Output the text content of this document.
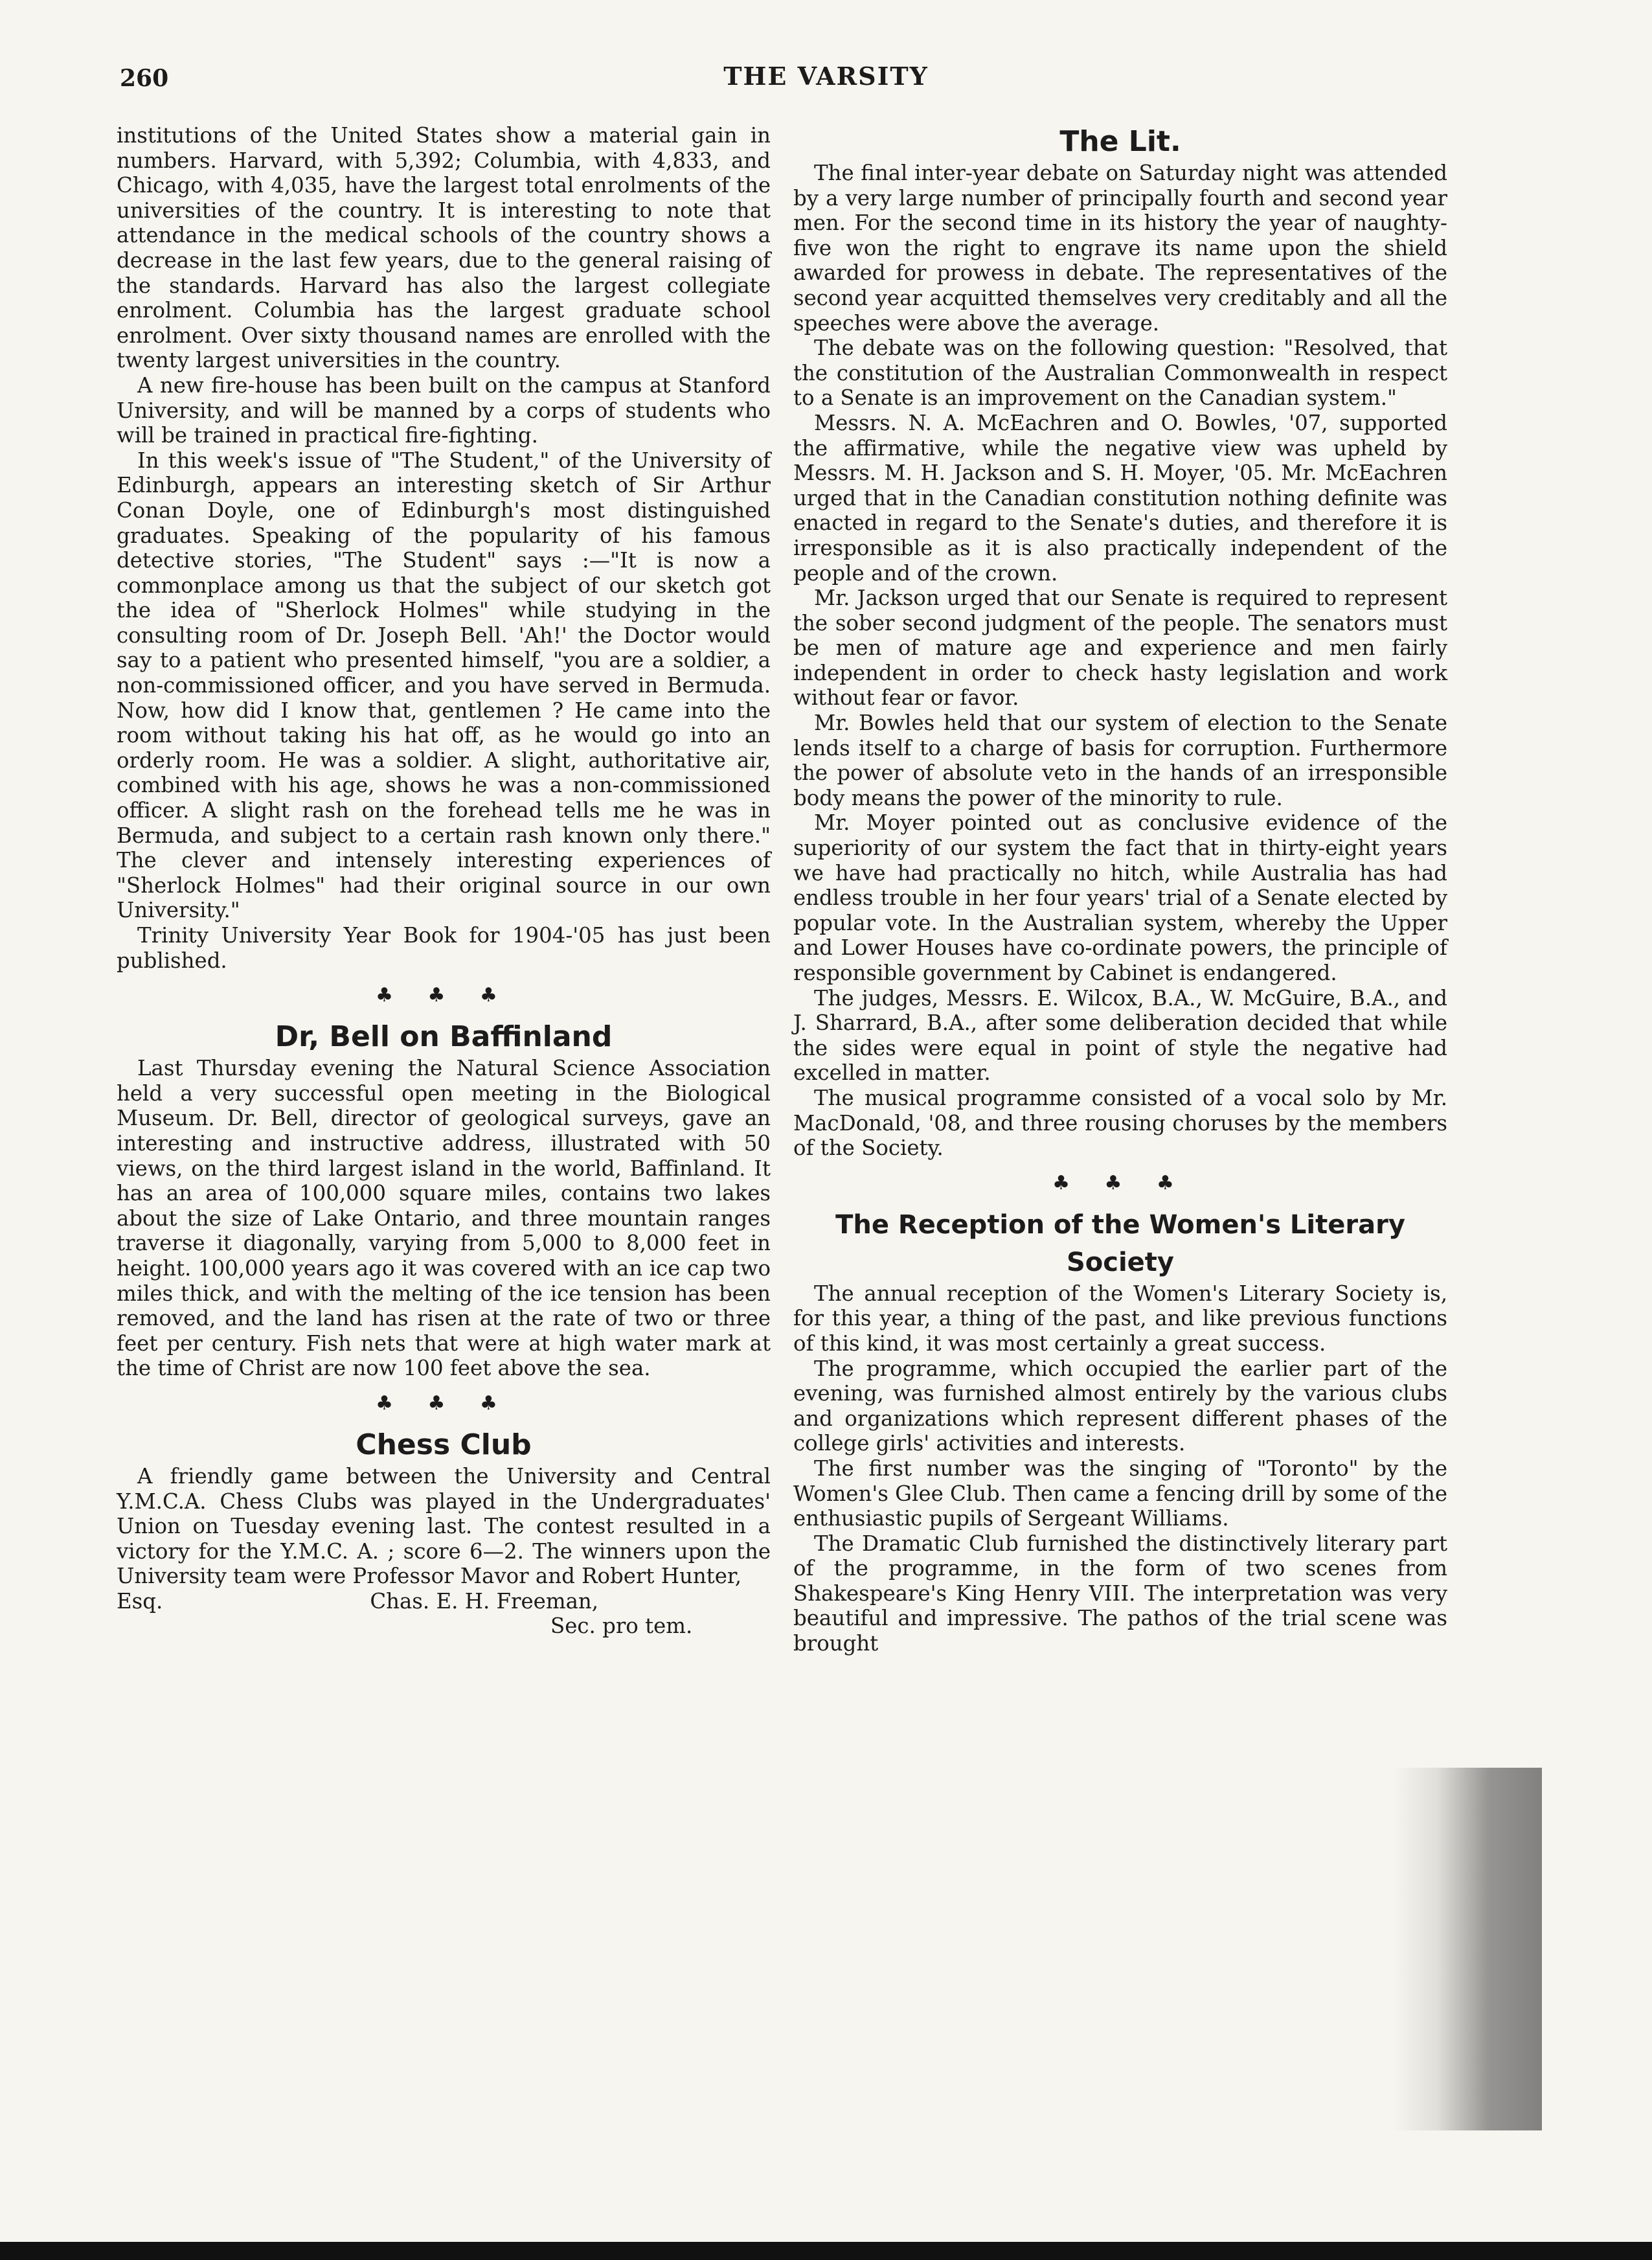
260	THE VARSITY

institutions of the United States show a material gain in numbers. Harvard, with 5,392; Columbia, with 4,833, and Chicago, with 4,035, have the largest total enrolments of the universities of the country. It is interesting to note that attendance in the medical schools of the country shows a decrease in the last few years, due to the general raising of the standards. Harvard has also the largest collegiate enrolment. Columbia has the largest graduate school enrolment. Over sixty thousand names are enrolled with the twenty largest universities in the country.

A new fire-house has been built on the campus at Stanford University, and will be manned by a corps of students who will be trained in practical fire-fighting.

In this week's issue of "The Student," of the University of Edinburgh, appears an interesting sketch of Sir Arthur Conan Doyle, one of Edinburgh's most distinguished graduates. Speaking of the popularity of his famous detective stories, "The Student" says :—"It is now a commonplace among us that the subject of our sketch got the idea of "Sherlock Holmes" while studying in the consulting room of Dr. Joseph Bell. 'Ah!' the Doctor would say to a patient who presented himself, "you are a soldier, a non-commissioned officer, and you have served in Bermuda. Now, how did I know that, gentlemen ? He came into the room without taking his hat off, as he would go into an orderly room. He was a soldier. A slight, authoritative air, combined with his age, shows he was a non-commissioned officer. A slight rash on the forehead tells me he was in Bermuda, and subject to a certain rash known only there." The clever and intensely interesting experiences of "Sherlock Holmes" had their original source in our own University."

Trinity University Year Book for 1904-'05 has just been published.

♣ ♣ ♣
Dr, Bell on Baffinland

Last Thursday evening the Natural Science Association held a very successful open meeting in the Biological Museum. Dr. Bell, director of geological surveys, gave an interesting and instructive address, illustrated with 50 views, on the third largest island in the world, Baffinland. It has an area of 100,000 square miles, contains two lakes about the size of Lake Ontario, and three mountain ranges traverse it diagonally, varying from 5,000 to 8,000 feet in height. 100,000 years ago it was covered with an ice cap two miles thick, and with the melting of the ice tension has been removed, and the land has risen at the rate of two or three feet per century. Fish nets that were at high water mark at the time of Christ are now 100 feet above the sea.

♣ ♣ ♣
Chess Club

A friendly game between the University and Central Y.M.C.A. Chess Clubs was played in the Undergraduates' Union on Tuesday evening last. The contest resulted in a victory for the Y.M.C. A. ; score 6—2. The winners upon the University team were Professor Mavor and Robert Hunter,

Esq.	Chas. E. H. Freeman,

Sec. pro tem.

The Lit.

The final inter-year debate on Saturday night was attended by a very large number of principally fourth and second year men. For the second time in its history the year of naughty-five won the right to engrave its name upon the shield awarded for prowess in debate. The representatives of the second year acquitted themselves very creditably and all the speeches were above the average.

The debate was on the following question: "Resolved, that the constitution of the Australian Commonwealth in respect to a Senate is an improvement on the Canadian system."

Messrs. N. A. McEachren and O. Bowles, '07, supported the affirmative, while the negative view was upheld by Messrs. M. H. Jackson and S. H. Moyer, '05. Mr. McEachren urged that in the Canadian constitution nothing definite was enacted in regard to the Senate's duties, and therefore it is irresponsible as it is also practically independent of the people and of the crown.

Mr. Jackson urged that our Senate is required to represent the sober second judgment of the people. The senators must be men of mature age and experience and men fairly independent in order to check hasty legislation and work without fear or favor.

Mr. Bowles held that our system of election to the Senate lends itself to a charge of basis for corruption. Furthermore the power of absolute veto in the hands of an irresponsible body means the power of the minority to rule.

Mr. Moyer pointed out as conclusive evidence of the superiority of our system the fact that in thirty-eight years we have had practically no hitch, while Australia has had endless trouble in her four years' trial of a Senate elected by popular vote. In the Australian system, whereby the Upper and Lower Houses have co-ordinate powers, the principle of responsible government by Cabinet is endangered.

The judges, Messrs. E. Wilcox, B.A., W. McGuire, B.A., and J. Sharrard, B.A., after some deliberation decided that while the sides were equal in point of style the negative had excelled in matter.

The musical programme consisted of a vocal solo by Mr. MacDonald, '08, and three rousing choruses by the members of the Society.

♣ ♣ ♣
The Reception of the Women's Literary Society

The annual reception of the Women's Literary Society is, for this year, a thing of the past, and like previous functions of this kind, it was most certainly a great success.

The programme, which occupied the earlier part of the evening, was furnished almost entirely by the various clubs and organizations which represent different phases of the college girls' activities and interests.

The first number was the singing of "Toronto" by the Women's Glee Club. Then came a fencing drill by some of the enthusiastic pupils of Sergeant Williams.

The Dramatic Club furnished the distinctively literary part of the programme, in the form of two scenes from Shakespeare's King Henry VIII. The interpretation was very beautiful and impressive. The pathos of the trial scene was brought
